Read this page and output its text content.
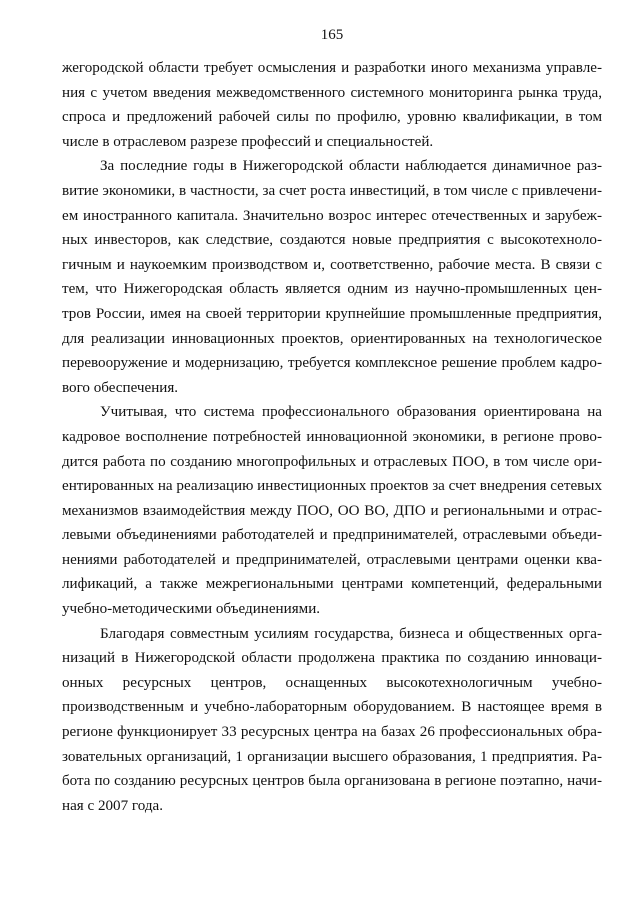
165
жегородской области требует осмысления и разработки иного механизма управле-
ния с учетом введения межведомственного системного мониторинга рынка труда,
спроса и предложений рабочей силы по профилю, уровню квалификации, в том
числе в отраслевом разрезе профессий и специальностей.
За последние годы в Нижегородской области наблюдается динамичное раз-
витие экономики, в частности, за счет роста инвестиций, в том числе с привлечени-
ем иностранного капитала. Значительно возрос интерес отечественных и зарубеж-
ных инвесторов, как следствие, создаются новые предприятия с высокотехноло-
гичным и наукоемким производством и, соответственно, рабочие места. В связи с
тем, что Нижегородская область является одним из научно-промышленных цен-
тров России, имея на своей территории крупнейшие промышленные предприятия,
для реализации инновационных проектов, ориентированных на технологическое
перевооружение и модернизацию, требуется комплексное решение проблем кадро-
вого обеспечения.
Учитывая, что система профессионального образования ориентирована на
кадровое восполнение потребностей инновационной экономики, в регионе прово-
дится работа по созданию многопрофильных и отраслевых ПОО, в том числе ори-
ентированных на реализацию инвестиционных проектов за счет внедрения сетевых
механизмов взаимодействия между ПОО, ОО ВО, ДПО и региональными и отрас-
левыми объединениями работодателей и предпринимателей, отраслевыми объеди-
нениями работодателей и предпринимателей, отраслевыми центрами оценки ква-
лификаций, а также межрегиональными центрами компетенций, федеральными
учебно-методическими объединениями.
Благодаря совместным усилиям государства, бизнеса и общественных орга-
низаций в Нижегородской области продолжена практика по созданию инноваци-
онных ресурсных центров, оснащенных высокотехнологичным учебно-
производственным и учебно-лабораторным оборудованием. В настоящее время в
регионе функционирует 33 ресурсных центра на базах 26 профессиональных обра-
зовательных организаций, 1 организации высшего образования, 1 предприятия. Ра-
бота по созданию ресурсных центров была организована в регионе поэтапно, начи-
ная с 2007 года.
